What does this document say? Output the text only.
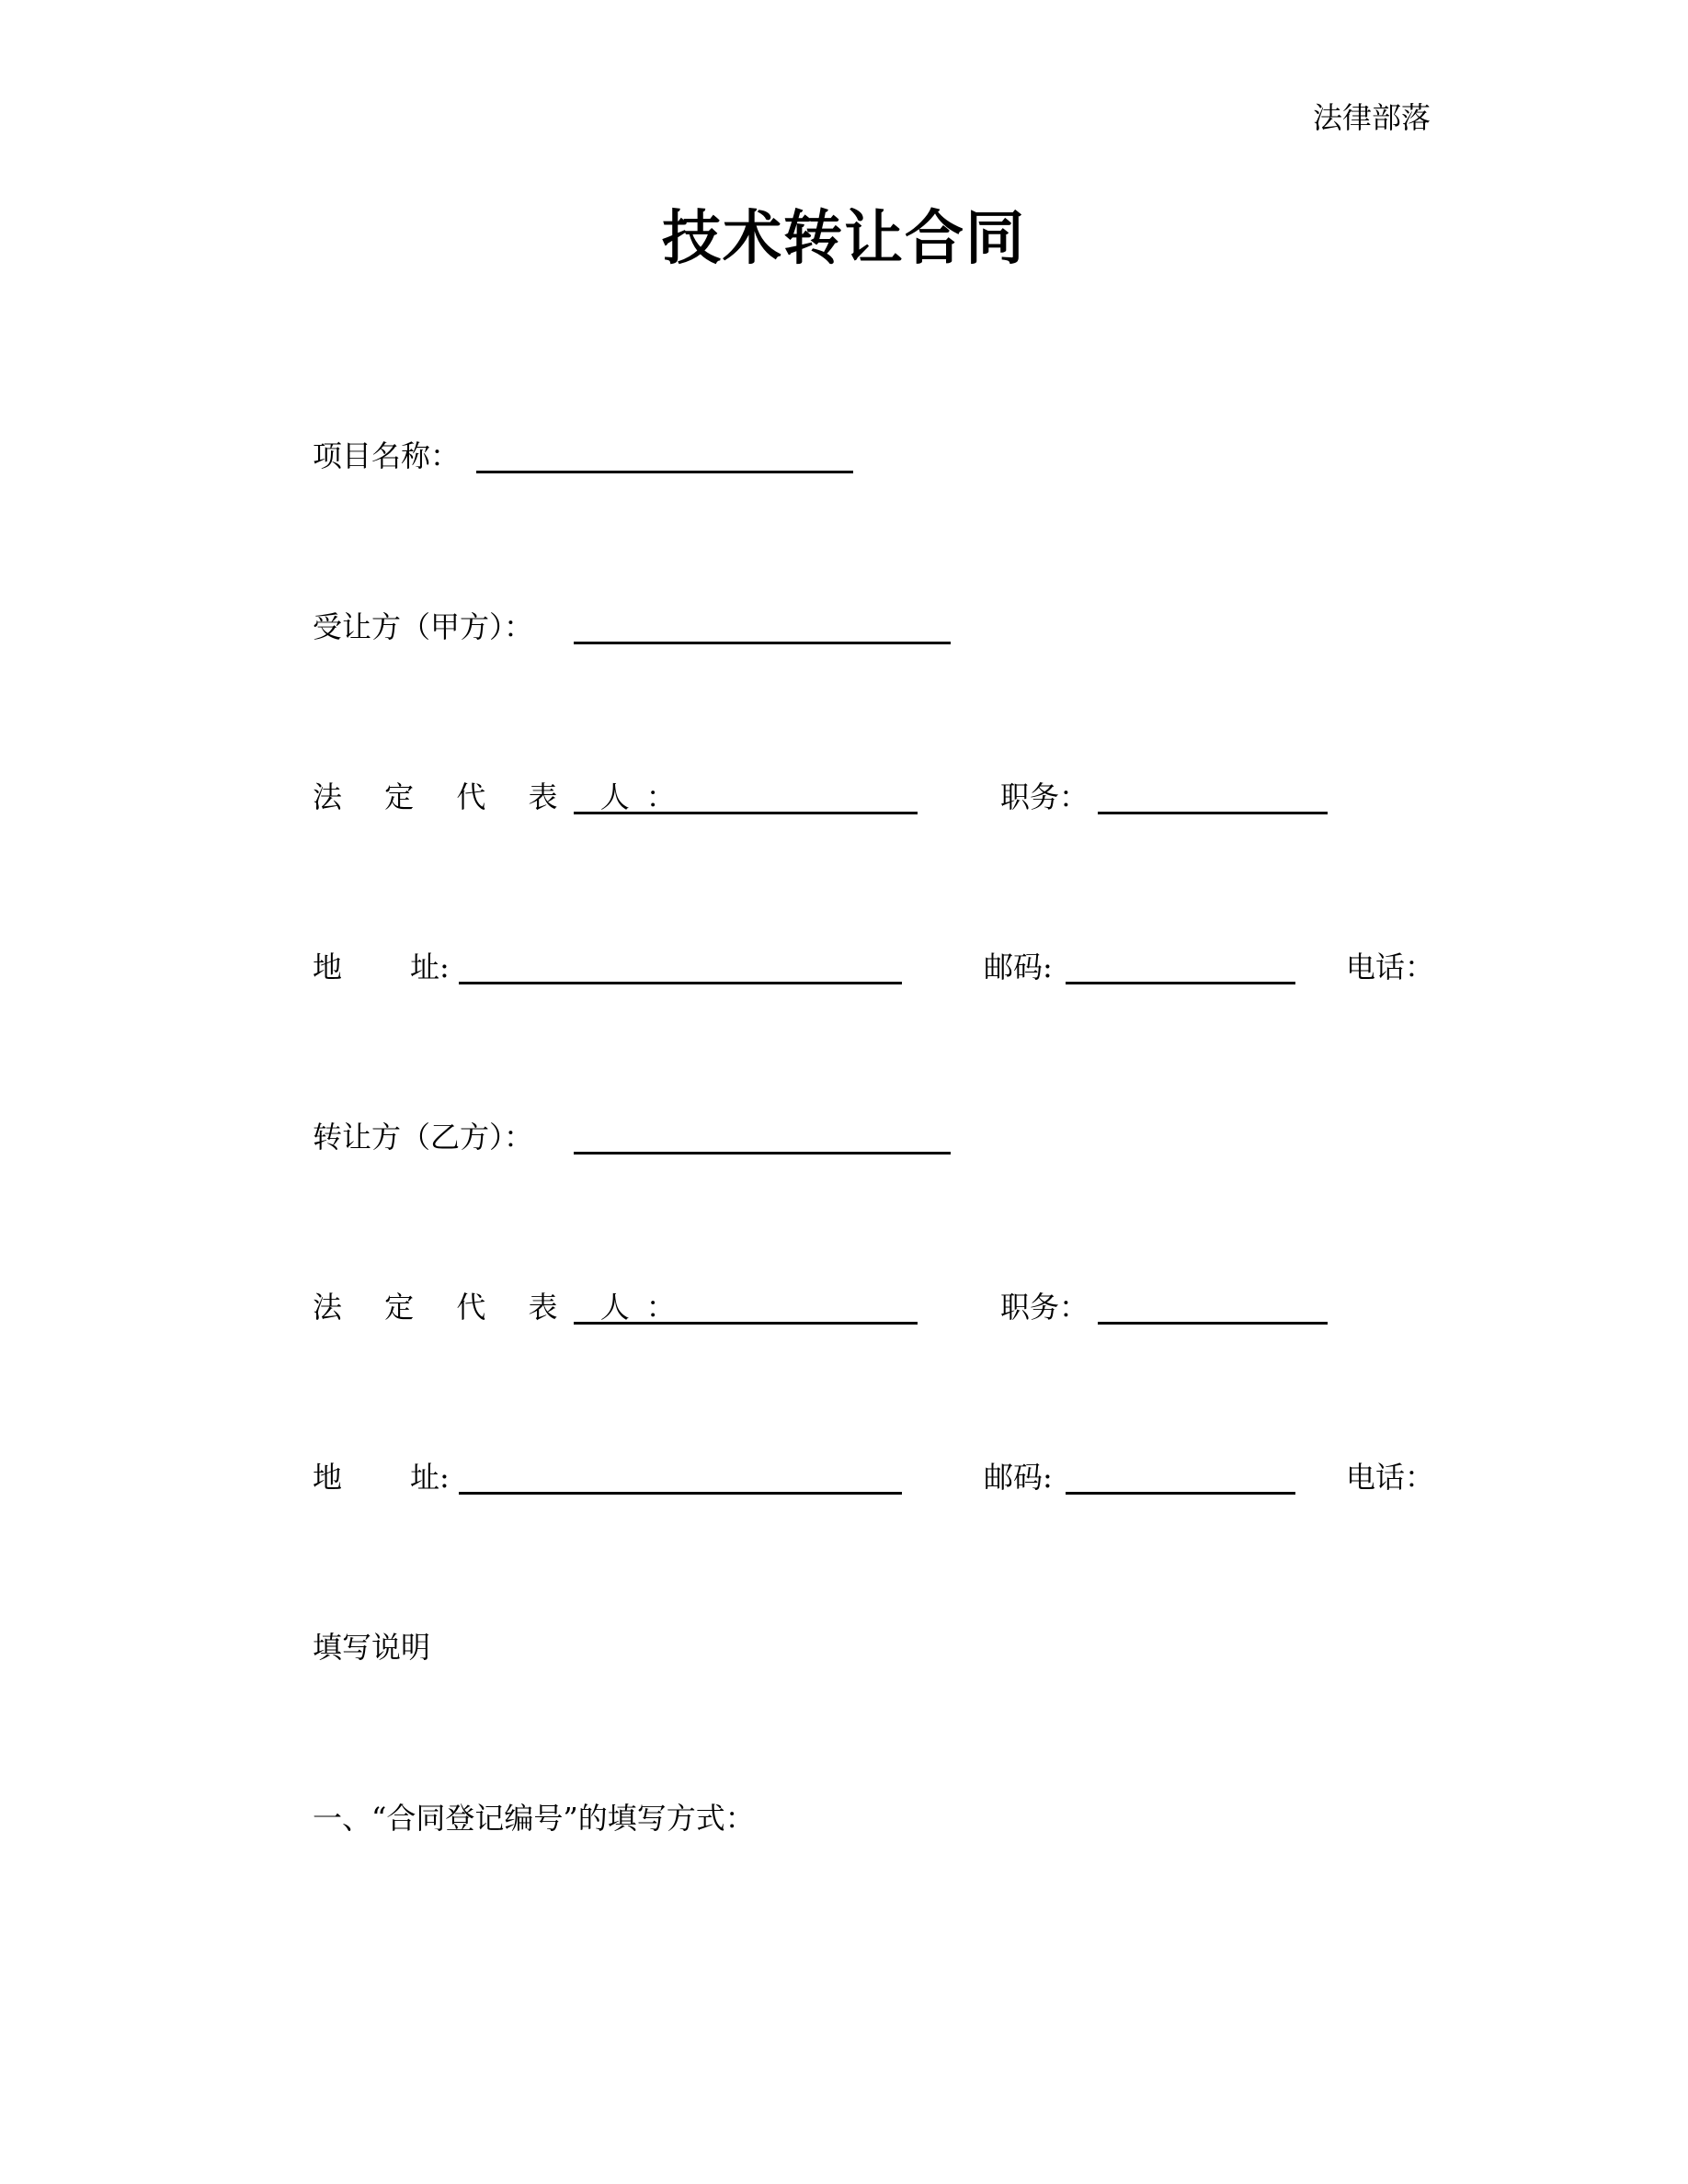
法律部落
技术转让合同
项目名称：
受让方（甲方）：
法 定 代 表 人：	职务：
地 址:	邮码:	电话：
转让方（乙方）：
法 定 代 表 人：	职务：
地 址:	邮码:	电话：
填写说明
一、“合同登记编号”的填写方式：
